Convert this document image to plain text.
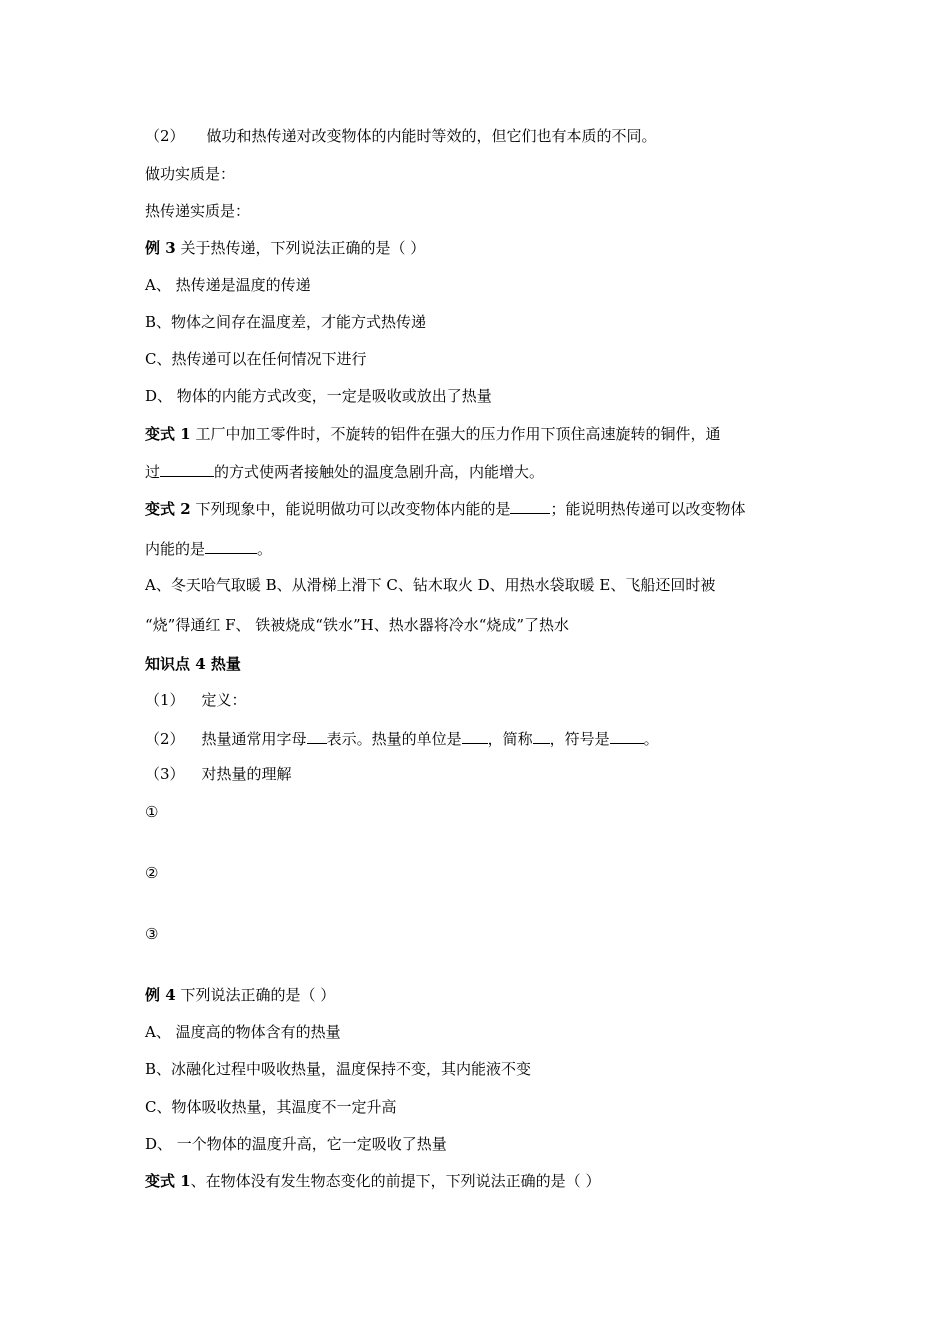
（2） 做功和热传递对改变物体的内能时等效的，但它们也有本质的不同。
做功实质是：
热传递实质是：
例 3 关于热传递，下列说法正确的是（ ）
A、 热传递是温度的传递
B、物体之间存在温度差，才能方式热传递
C、热传递可以在任何情况下进行
D、 物体的内能方式改变，一定是吸收或放出了热量
变式 1 工厂中加工零件时，不旋转的铝件在强大的压力作用下顶住高速旋转的铜件，通
过	的方式使两者接触处的温度急剧升高，内能增大。
变式 2 下列现象中，能说明做功可以改变物体内能的是	；能说明热传递可以改变物体
内能的是	。
A、冬天哈气取暖 B、从滑梯上滑下 C、钻木取火 D、用热水袋取暖 E、飞船还回时被
“烧”得通红 F、 铁被烧成“铁水”H、热水器将冷水“烧成”了热水
知识点 4 热量
（1） 定义：
（2） 热量通常用字母 表示。热量的单位是 ，简称 ，符号是 。
（3） 对热量的理解
①
②
③
例 4 下列说法正确的是（ ）
A、 温度高的物体含有的热量
B、冰融化过程中吸收热量，温度保持不变，其内能液不变
C、物体吸收热量，其温度不一定升高
D、 一个物体的温度升高，它一定吸收了热量
变式 1、在物体没有发生物态变化的前提下，下列说法正确的是（ ）
